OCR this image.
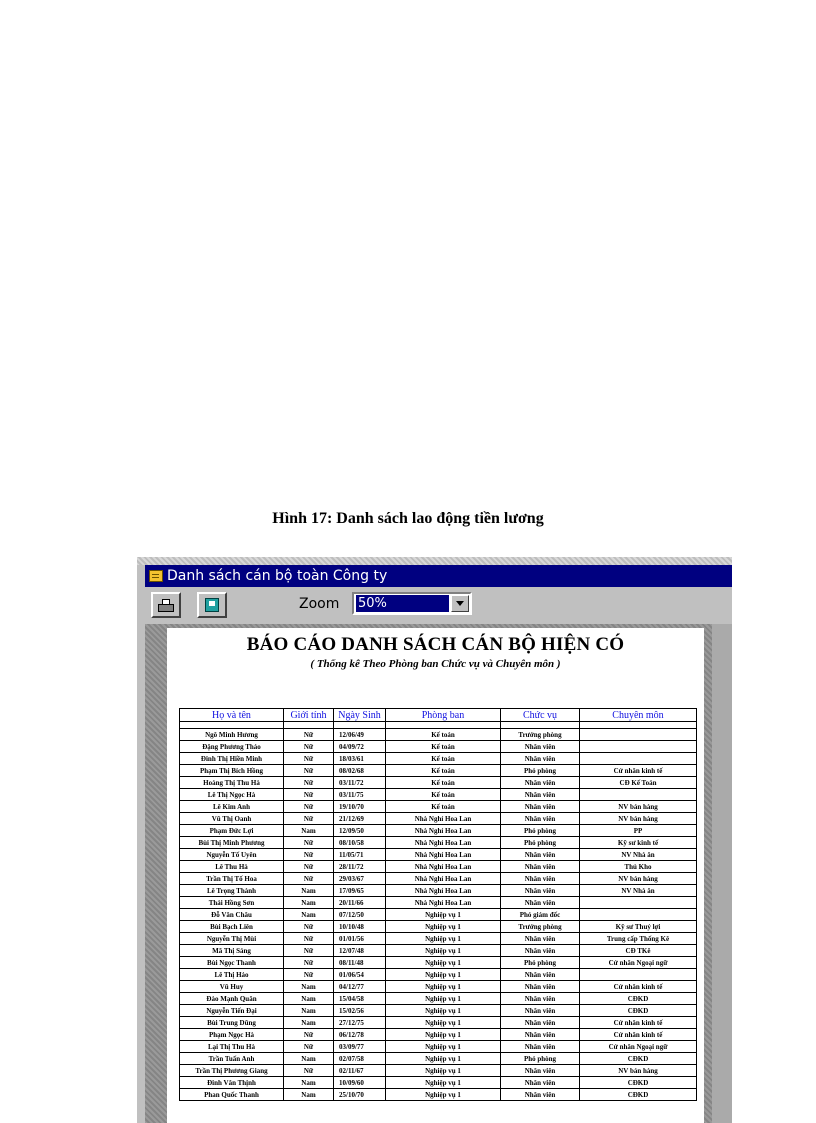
Hình 17: Danh sách lao động tiền lương
Danh sách cán bộ toàn Công ty
Zoom 50%
BÁO CÁO DANH SÁCH CÁN BỘ HIỆN CÓ
( Thống kê Theo Phòng ban Chức vụ và Chuyên môn )
Họ và tên	Giới tính	Ngày Sinh	Phòng ban	Chức vụ	Chuyên môn

Ngô Minh Hương	Nữ	12/06/49	Kế toán	Trưởng phòng	
Đặng Phương Thảo	Nữ	04/09/72	Kế toán	Nhân viên	
Đinh Thị Hiền Minh	Nữ	18/03/61	Kế toán	Nhân viên	
Phạm Thị Bích Hồng	Nữ	08/02/68	Kế toán	Phó phòng	Cử nhân kinh tế
Hoàng Thị Thu Hà	Nữ	03/11/72	Kế toán	Nhân viên	CĐ Kế Toán
Lê Thị Ngọc Hà	Nữ	03/11/75	Kế toán	Nhân viên	
Lê Kim Anh	Nữ	19/10/70	Kế toán	Nhân viên	NV bán hàng
Vũ Thị Oanh	Nữ	21/12/69	Nhà Nghỉ Hoa Lan	Nhân viên	NV bán hàng
Phạm Đức Lợi	Nam	12/09/50	Nhà Nghỉ Hoa Lan	Phó phòng	PP
Bùi Thị Minh Phương	Nữ	08/10/58	Nhà Nghỉ Hoa Lan	Phó phòng	Kỹ sư kinh tế
Nguyễn Tố Uyên	Nữ	11/05/71	Nhà Nghỉ Hoa Lan	Nhân viên	NV Nhà ăn
Lê Thu Hà	Nữ	28/11/72	Nhà Nghỉ Hoa Lan	Nhân viên	Thủ Kho
Trần Thị Tố Hoa	Nữ	29/03/67	Nhà Nghỉ Hoa Lan	Nhân viên	NV bán hàng
Lê Trọng Thành	Nam	17/09/65	Nhà Nghỉ Hoa Lan	Nhân viên	NV Nhà ăn
Thái Hồng Sơn	Nam	20/11/66	Nhà Nghỉ Hoa Lan	Nhân viên	
Đỗ Văn Châu	Nam	07/12/50	Nghiệp vụ 1	Phó giám đốc	
Bùi Bạch Liên	Nữ	10/10/48	Nghiệp vụ 1	Trưởng phòng	Kỹ sư Thuỷ lợi
Nguyễn Thị Mùi	Nữ	01/01/56	Nghiệp vụ 1	Nhân viên	Trung cấp Thống Kê
Mã Thị Sáng	Nữ	12/07/48	Nghiệp vụ 1	Nhân viên	CĐ TKê
Bùi Ngọc Thanh	Nữ	08/11/48	Nghiệp vụ 1	Phó phòng	Cử nhân Ngoại ngữ
Lê Thị Hảo	Nữ	01/06/54	Nghiệp vụ 1	Nhân viên	
Vũ Huy	Nam	04/12/77	Nghiệp vụ 1	Nhân viên	Cử nhân kinh tế
Đào Mạnh Quân	Nam	15/04/58	Nghiệp vụ 1	Nhân viên	CĐKD
Nguyễn Tiến Đại	Nam	15/02/56	Nghiệp vụ 1	Nhân viên	CĐKD
Bùi Trung Dũng	Nam	27/12/75	Nghiệp vụ 1	Nhân viên	Cử nhân kinh tế
Phạm Ngọc Hà	Nữ	06/12/78	Nghiệp vụ 1	Nhân viên	Cử nhân kinh tế
Lại Thị Thu Hà	Nữ	03/09/77	Nghiệp vụ 1	Nhân viên	Cử nhân Ngoại ngữ
Trần Tuấn Anh	Nam	02/07/58	Nghiệp vụ 1	Phó phòng	CĐKD
Trần Thị Phương Giang	Nữ	02/11/67	Nghiệp vụ 1	Nhân viên	NV bán hàng
Đinh Văn Thịnh	Nam	10/09/60	Nghiệp vụ 1	Nhân viên	CĐKD
Phan Quốc Thanh	Nam	25/10/70	Nghiệp vụ 1	Nhân viên	CĐKD
